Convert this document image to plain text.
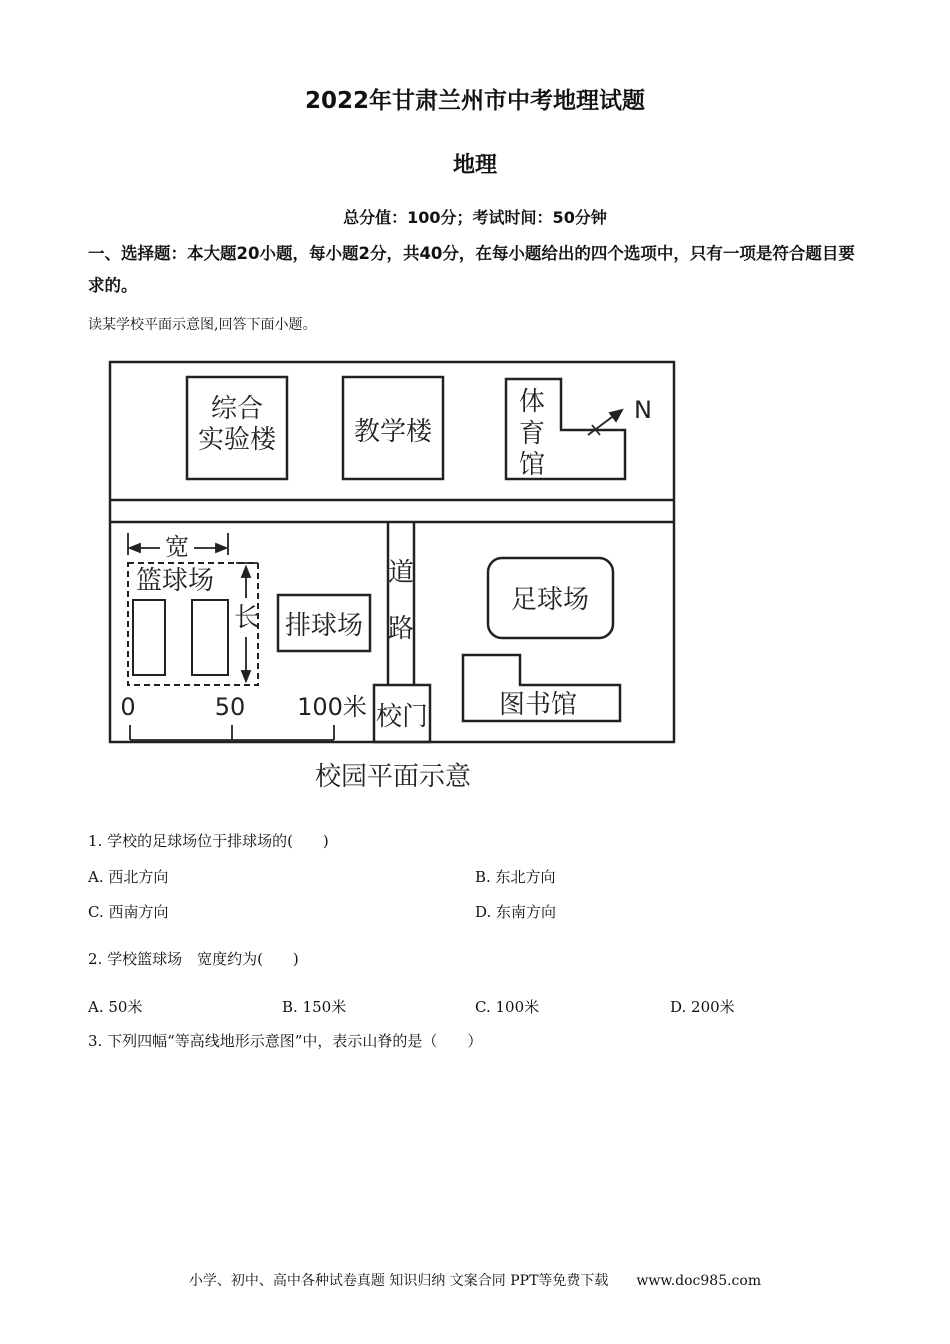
2022年甘肃兰州市中考地理试题
地理
总分值：100分；考试时间：50分钟
一、选择题：本大题20小题，每小题2分，共40分，在每小题给出的四个选项中，只有一项是符合题目要求的。
读某学校平面示意图,回答下面小题。
综合
实验楼	教学楼
体
育
馆
N
宽
篮球场
长 排球场
道
路
足球场
图书馆
校门
0	50 100米
校园平面示意
1. 学校的足球场位于排球场的(　　)
A. 西北方向	B. 东北方向
C. 西南方向	D. 东南方向
2. 学校篮球场　宽度约为(　　)
A. 50米	B. 150米	C. 100米	D. 200米
3. 下列四幅“等高线地形示意图”中，表示山脊的是（　　）
小学、初中、高中各种试卷真题 知识归纳 文案合同 PPT等免费下载　　www.doc985.com
